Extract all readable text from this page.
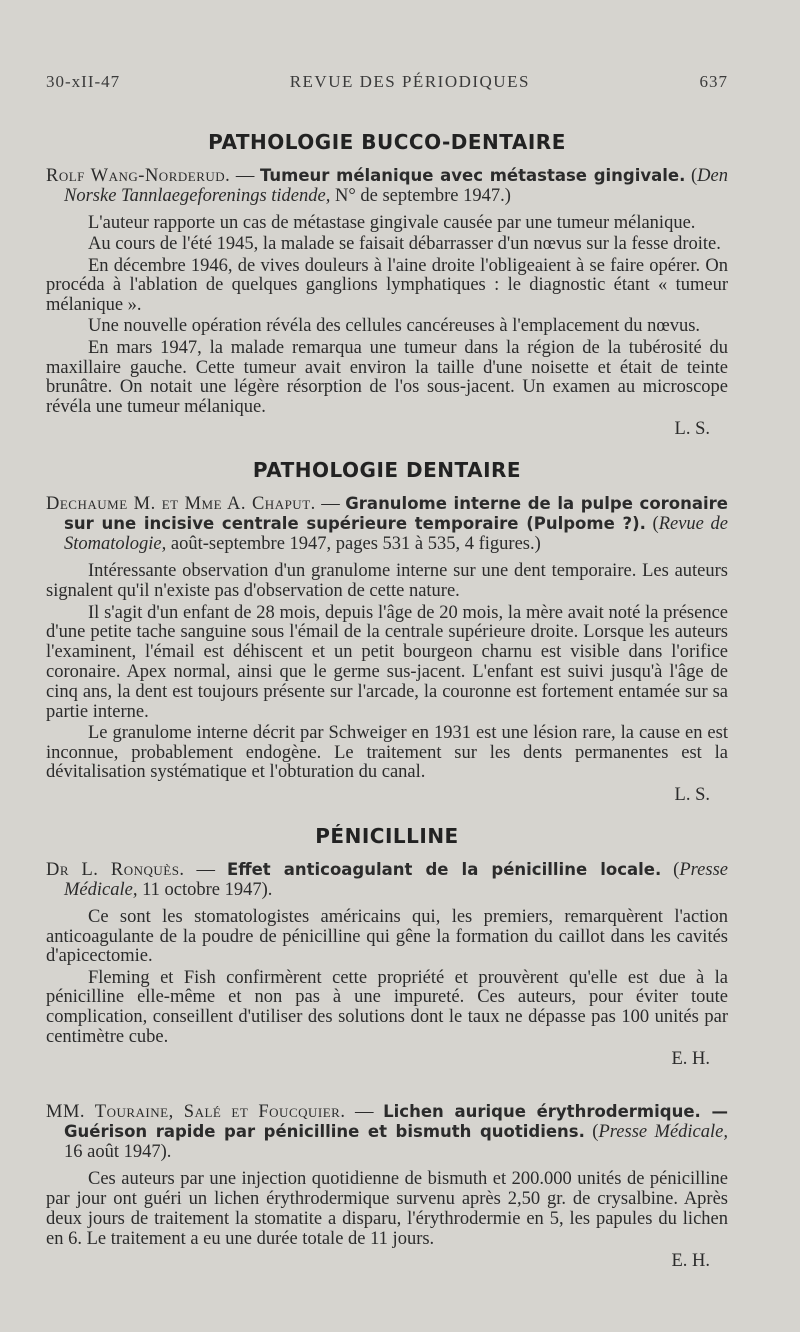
30-xII-47	REVUE DES PÉRIODIQUES	637
PATHOLOGIE BUCCO-DENTAIRE

Rolf Wang-Norderud. — Tumeur mélanique avec métastase gingivale. (Den Norske Tannlaegeforenings tidende, N° de septembre 1947.)

L'auteur rapporte un cas de métastase gingivale causée par une tumeur mélanique.

Au cours de l'été 1945, la malade se faisait débarrasser d'un nœvus sur la fesse droite.

En décembre 1946, de vives douleurs à l'aine droite l'obligeaient à se faire opérer. On procéda à l'ablation de quelques ganglions lymphatiques : le diagnostic étant « tumeur mélanique ».

Une nouvelle opération révéla des cellules cancéreuses à l'emplacement du nœvus.

En mars 1947, la malade remarqua une tumeur dans la région de la tubérosité du maxillaire gauche. Cette tumeur avait environ la taille d'une noisette et était de teinte brunâtre. On notait une légère résorption de l'os sous-jacent. Un examen au microscope révéla une tumeur mélanique.

L. S.
PATHOLOGIE DENTAIRE

Dechaume M. et Mme A. Chaput. — Granulome interne de la pulpe coronaire sur une incisive centrale supérieure temporaire (Pulpome ?). (Revue de Stomatologie, août-septembre 1947, pages 531 à 535, 4 figures.)

Intéressante observation d'un granulome interne sur une dent temporaire. Les auteurs signalent qu'il n'existe pas d'observation de cette nature.

Il s'agit d'un enfant de 28 mois, depuis l'âge de 20 mois, la mère avait noté la présence d'une petite tache sanguine sous l'émail de la centrale supérieure droite. Lorsque les auteurs l'examinent, l'émail est déhiscent et un petit bourgeon charnu est visible dans l'orifice coronaire. Apex normal, ainsi que le germe sus-jacent. L'enfant est suivi jusqu'à l'âge de cinq ans, la dent est toujours présente sur l'arcade, la couronne est fortement entamée sur sa partie interne.

Le granulome interne décrit par Schweiger en 1931 est une lésion rare, la cause en est inconnue, probablement endogène. Le traitement sur les dents permanentes est la dévitalisation systématique et l'obturation du canal.

L. S.
PÉNICILLINE

Dr L. Ronquès. — Effet anticoagulant de la pénicilline locale. (Presse Médicale, 11 octobre 1947).

Ce sont les stomatologistes américains qui, les premiers, remarquèrent l'action anticoagulante de la poudre de pénicilline qui gêne la formation du caillot dans les cavités d'apicectomie.

Fleming et Fish confirmèrent cette propriété et prouvèrent qu'elle est due à la pénicilline elle-même et non pas à une impureté. Ces auteurs, pour éviter toute complication, conseillent d'utiliser des solutions dont le taux ne dépasse pas 100 unités par centimètre cube.

E. H.

MM. Touraine, Salé et Foucquier. — Lichen aurique érythrodermique. — Guérison rapide par pénicilline et bismuth quotidiens. (Presse Médicale, 16 août 1947).

Ces auteurs par une injection quotidienne de bismuth et 200.000 unités de pénicilline par jour ont guéri un lichen érythrodermique survenu après 2,50 gr. de crysalbine. Après deux jours de traitement la stomatite a disparu, l'érythrodermie en 5, les papules du lichen en 6. Le traitement a eu une durée totale de 11 jours.

E. H.
